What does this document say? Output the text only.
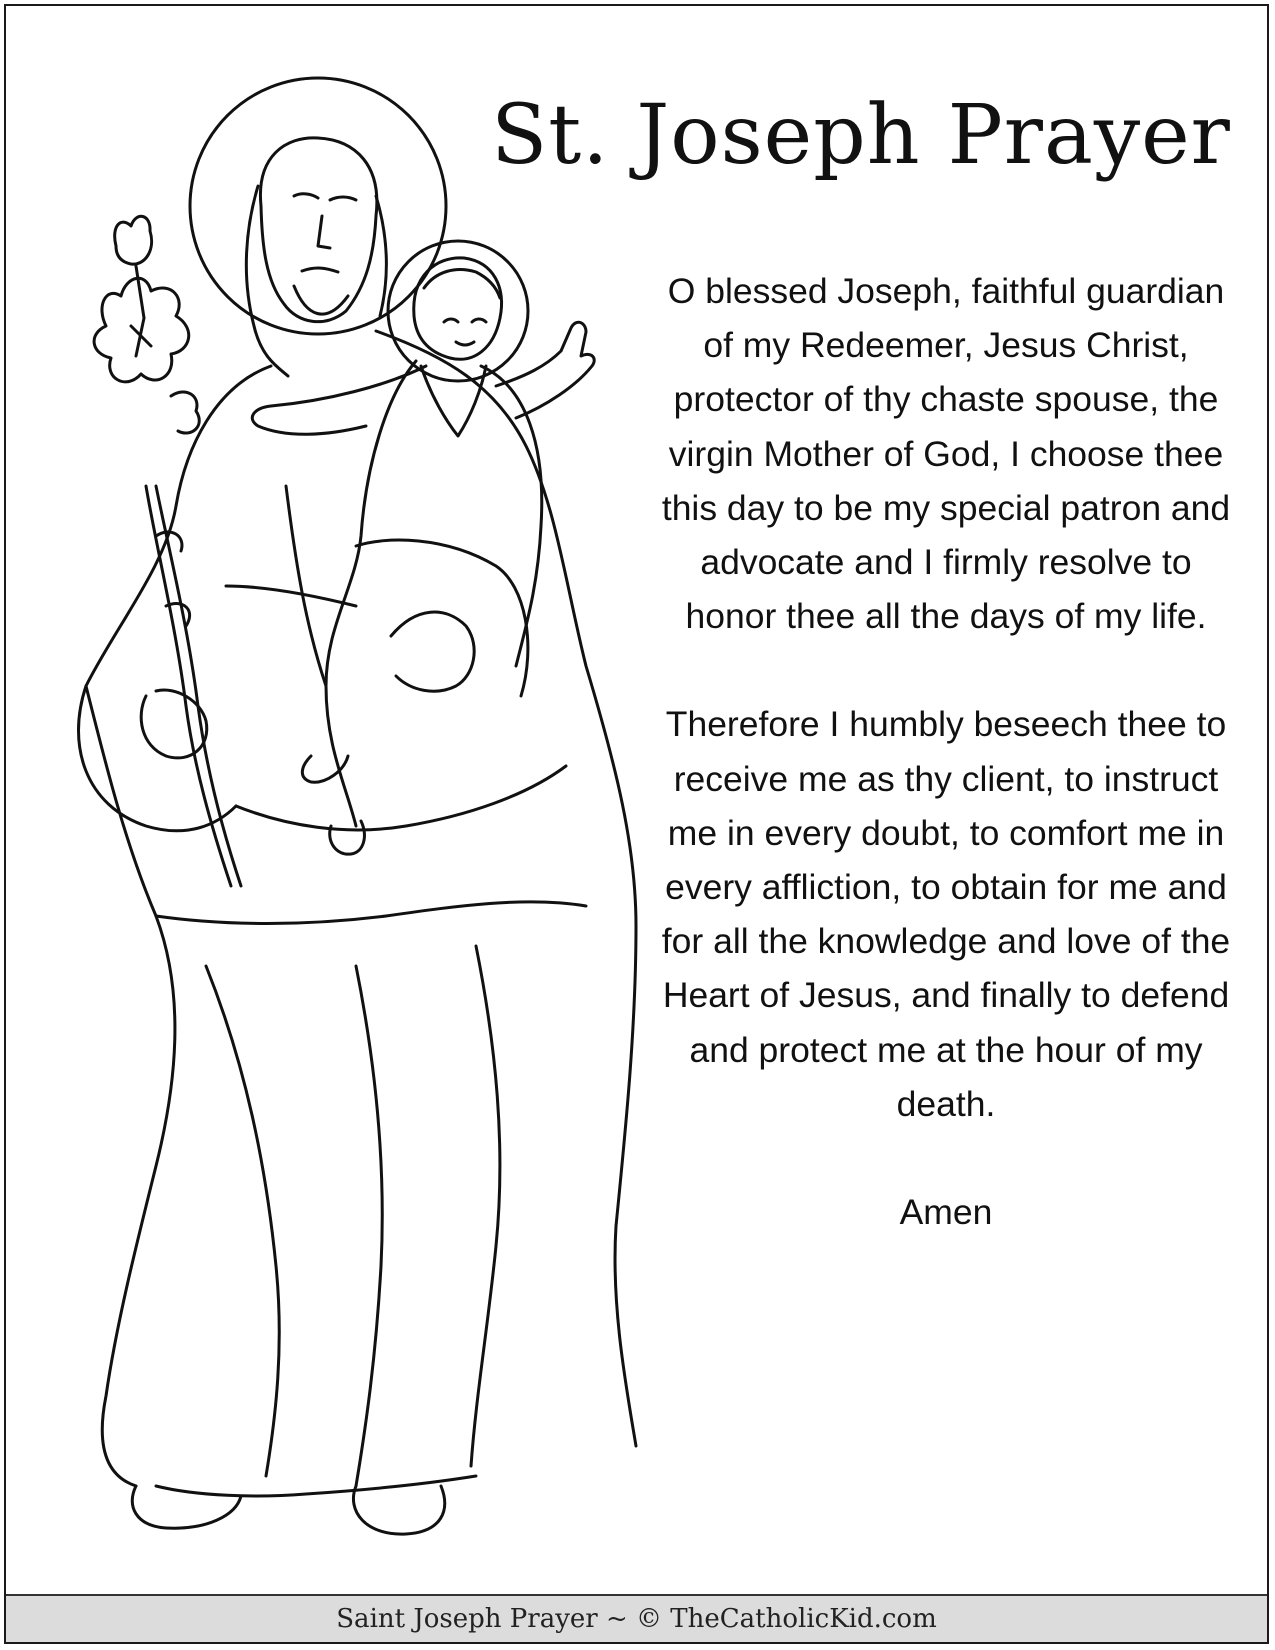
St. Joseph Prayer

O blessed Joseph, faithful guardian of my Redeemer, Jesus Christ, protector of thy chaste spouse, the virgin Mother of God, I choose thee this day to be my special patron and advocate and I firmly resolve to honor thee all the days of my life.

Therefore I humbly beseech thee to receive me as thy client, to instruct me in every doubt, to comfort me in every affliction, to obtain for me and for all the knowledge and love of the Heart of Jesus, and finally to defend and protect me at the hour of my death.

Amen

Saint Joseph Prayer ~ © TheCatholicKid.com
